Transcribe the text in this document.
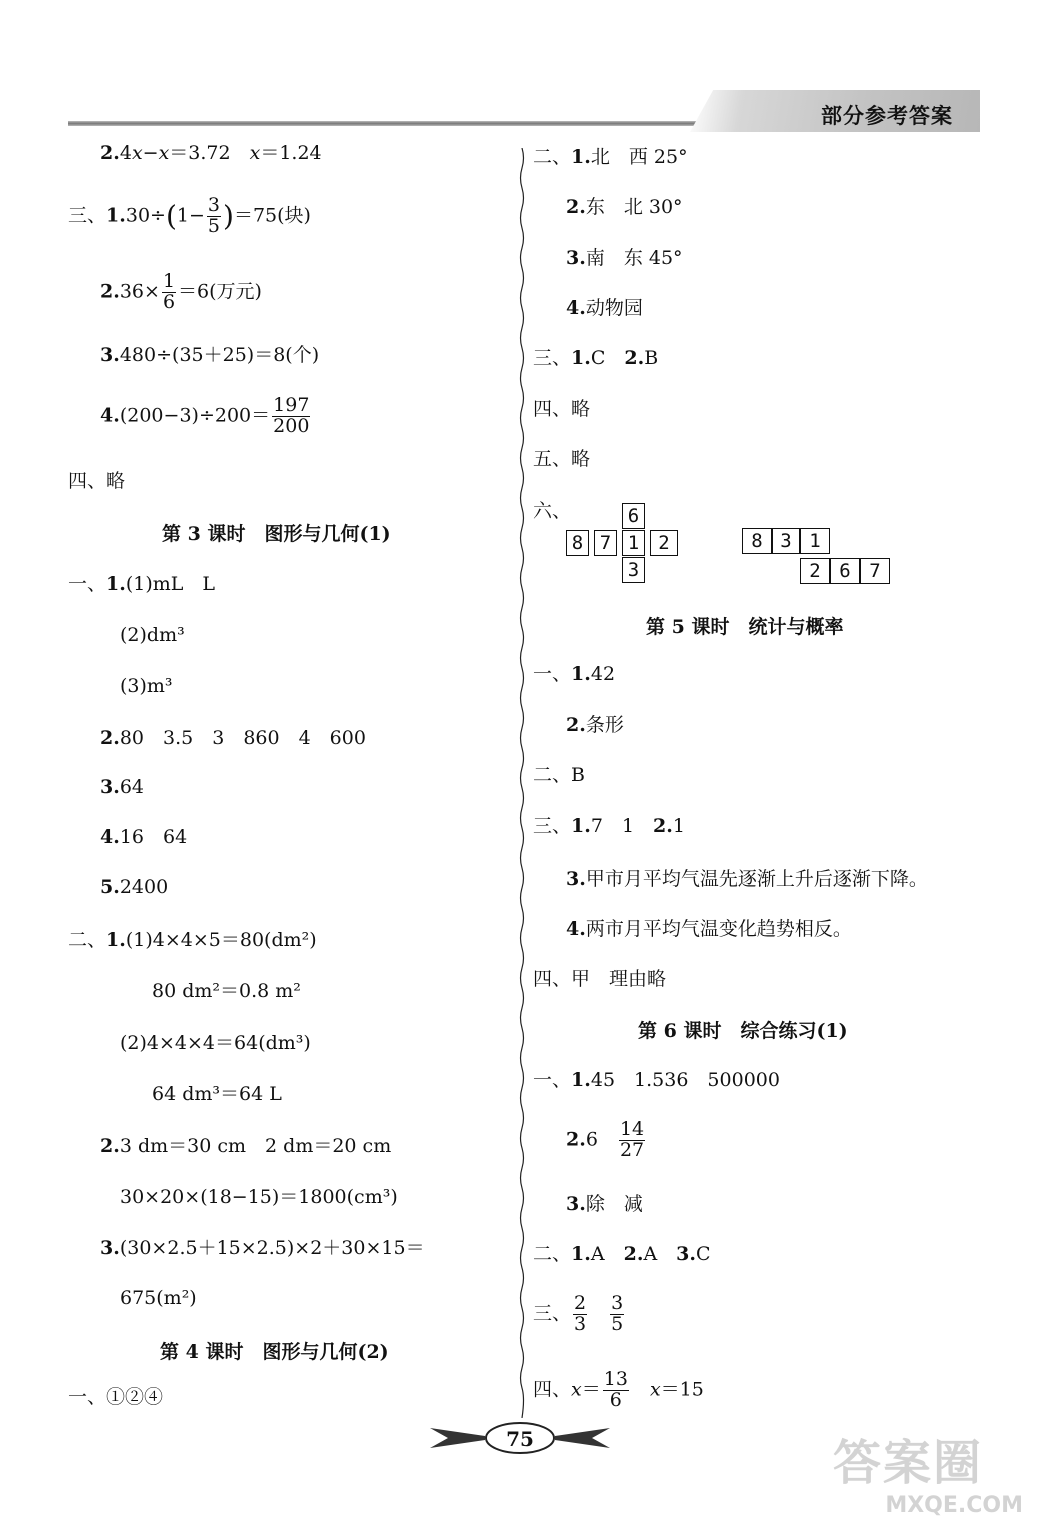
部分参考答案
2.4x−x＝3.72　 x＝1.24
三、$1.30\div(1- \frac{3}{5} )=75$(块)
$2.36\times \frac{1}{6} =6$(万元)
3.480÷(35＋25)＝8(个)
$4.(200-3)\div 200= \frac{197}{200}$
四、略
第 3 课时　图形与几何(1)
一、1.(1)mL　L
(2)dm³
(3)m³
2.80　3.5　3　860　4　600
3.64
4.16　64
5.2400
二、1.(1)4×4×5＝80(dm²)
80 dm²＝0.8 m²
(2)4×4×4＝64(dm³)
64 dm³＝64 L
2.3 dm＝30 cm　2 dm＝20 cm
30×20×(18−15)＝1800(cm³)
3.(30×2.5＋15×2.5)×2＋30×15＝
675(m²)
第 4 课时　图形与几何(2)
一、①②④
二、1.北　西 25°
2.东　北 30°
3.南　东 45°
4.动物园
三、1.C　2.B
四、略
五、略
六、	6
8 7 1	2
3
8 3 1
2 6 7
第 5 课时　统计与概率
一、1.42
2.条形
二、B
三、1.7　1　2.1
3.甲市月平均气温先逐渐上升后逐渐下降。
4.两市月平均气温变化趋势相反。
四、甲　理由略
第 6 课时　综合练习(1)
一、1.45　1.536　500000
2.6　 $\frac{14}{27}$
3.除　减
二、1.A　2.A　3.C
三、 $\frac{2}{3}$
　 $\frac{3}{5}$
四、$x= \frac{13}{6}$
　 x＝15
75	答案圈
MXQE.COM
